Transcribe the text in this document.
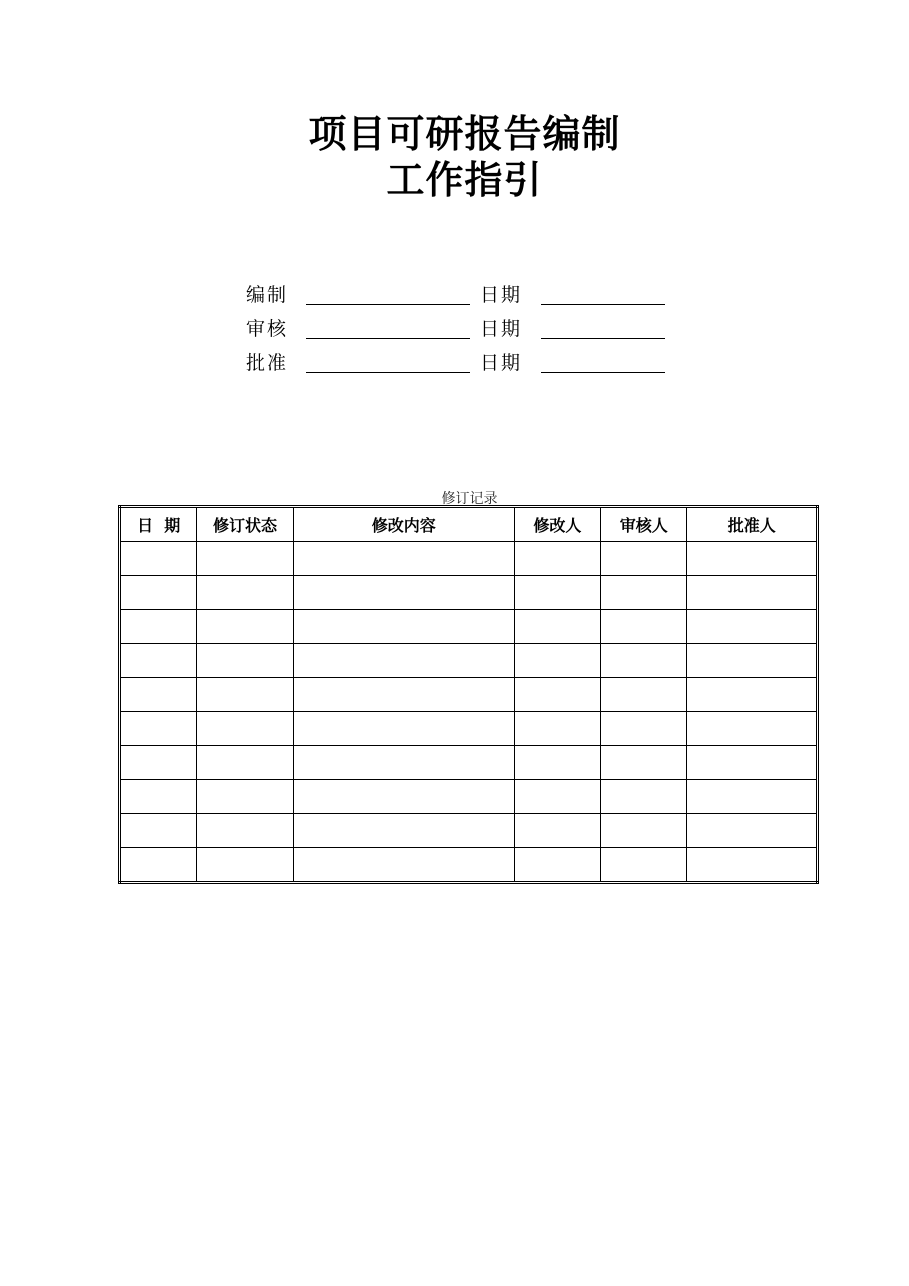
项目可研报告编制
工作指引
编制	日期
审核	日期
批准	日期
修订记录
日  期	修订状态	修改内容	修改人	审核人	批准人
